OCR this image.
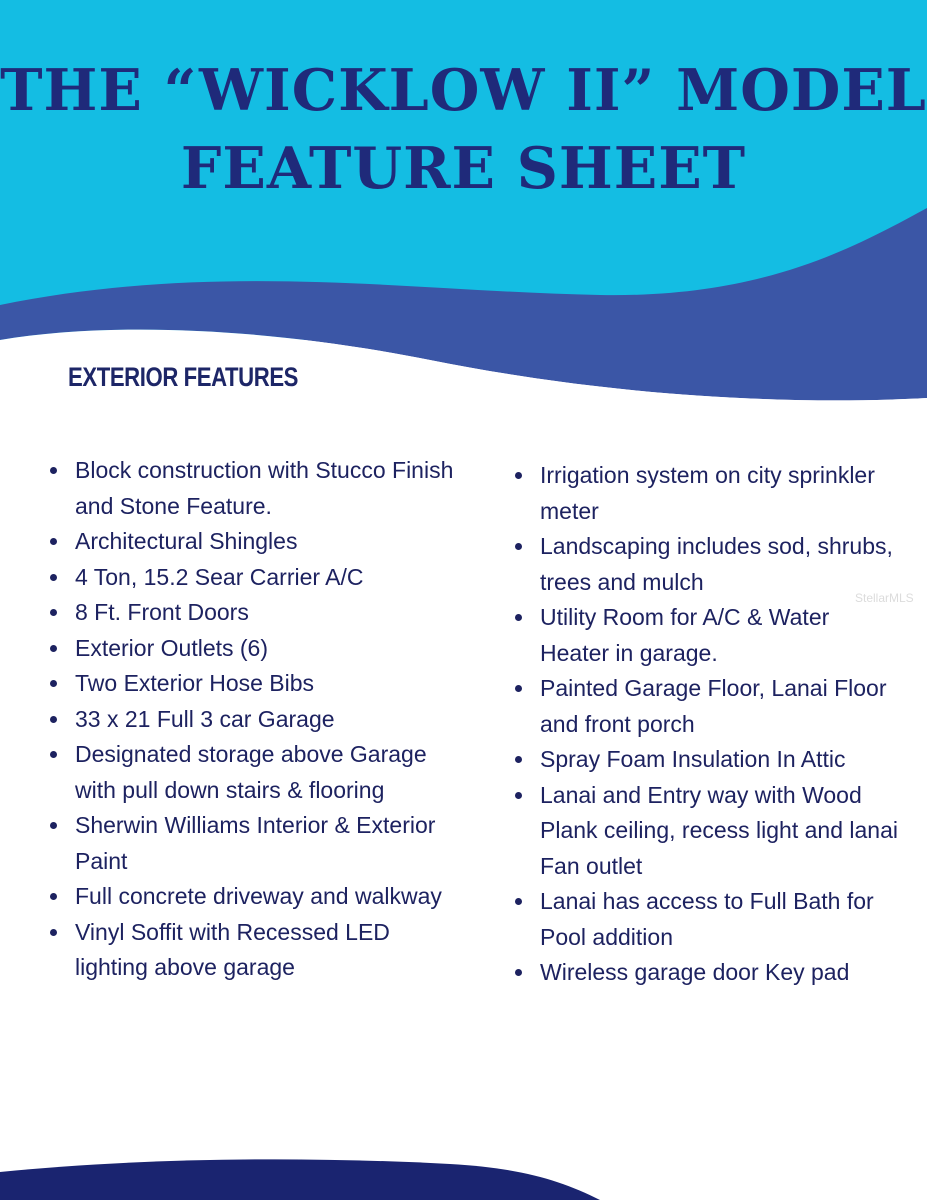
THE “WICKLOW II” MODEL
FEATURE SHEET
EXTERIOR FEATURES
Block construction with Stucco Finish and Stone Feature.
Architectural Shingles
4 Ton, 15.2 Sear Carrier A/C
8 Ft. Front Doors
Exterior Outlets (6)
Two Exterior Hose Bibs
33 x 21 Full 3 car Garage
Designated storage above Garage with pull down stairs & flooring
Sherwin Williams Interior & Exterior Paint
Full concrete driveway and walkway
Vinyl Soffit with Recessed LED lighting above garage
Irrigation system on city sprinkler meter
Landscaping includes sod, shrubs, trees and mulch
Utility Room for A/C & Water Heater in garage.
Painted Garage Floor, Lanai Floor and front porch
Spray Foam Insulation In Attic
Lanai and Entry way with Wood Plank ceiling, recess light and lanai Fan outlet
Lanai has access to Full Bath for Pool addition
Wireless garage door Key pad
StellarMLS
